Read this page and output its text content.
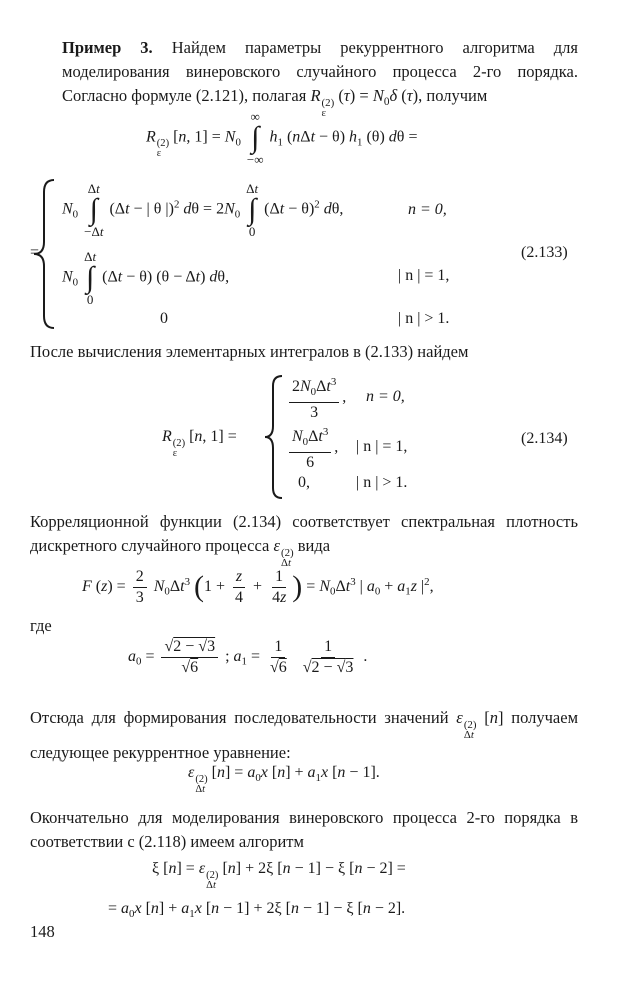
Пример 3. Найдем параметры рекуррентного алгоритма для моделирования винеровского случайного процесса 2-го порядка. Согласно формуле (2.121), полагая R (2)
ε
$(\tau) = N_0\delta$ (τ), получим
R (2)
ε
[n, $1] = N_0$
∞
∫
−∞
$h_1$ (nΔt − θ) $h_1$ (θ) dθ =
=
$N_0$
Δt
∫
−Δt
(Δt − | θ |)$^2$ $d\theta = 2N_0$
Δt
∫
0
$(\Delta t - \theta)^2$ dθ,	n = 0,
$N_0$
Δt
∫
0
(Δt − θ) (θ − Δt) dθ,	| n | = 1,
0	| n | > 1.
(2.133)
После вычисления элементарных интегралов в (2.133) найдем
R (2)
ε
[n, 1] =
$\frac{2N_0\Delta t^3}{3}$ , n = 0,
$\frac{N_0\Delta t^3}{6}$ , | n | = 1,
0,	| n | > 1.
(2.134)
Корреляционной функции (2.134) соответствует спектральная плотность дискретного случайного процесса ε (2)
Δt
вида
F $(z) = \frac{2}{3} N_0\Delta t^3$ ($1 + \frac{z}{4} + \frac{1}{4z}$ ) = $N_0\Delta t^3$ | $a_0 + a_1z$ $|^2$,
где
$a_0 = \frac{√2 - √3}{√6}$ ; $a_1 = \frac{1}{√6}$
$\frac{1}{√2 - √3}$ .
Отсюда для формирования последовательности значений ε (2)
Δt
[n] получаем следующее рекуррентное уравнение:
ε (2)
Δt
$[n] = a_0x$ $[n] + a_1x$ [n − 1].
Окончательно для моделирования винеровского процесса 2-го порядка в соответствии с (2.118) имеем алгоритм
ξ [n] = ε (2)
Δt
[n] + 2ξ [n − 1] − ξ [n − 2] =
= $a_0x$ $[n] + a_1x$ [n − 1] + 2ξ [n − 1] − ξ [n − 2].
148
